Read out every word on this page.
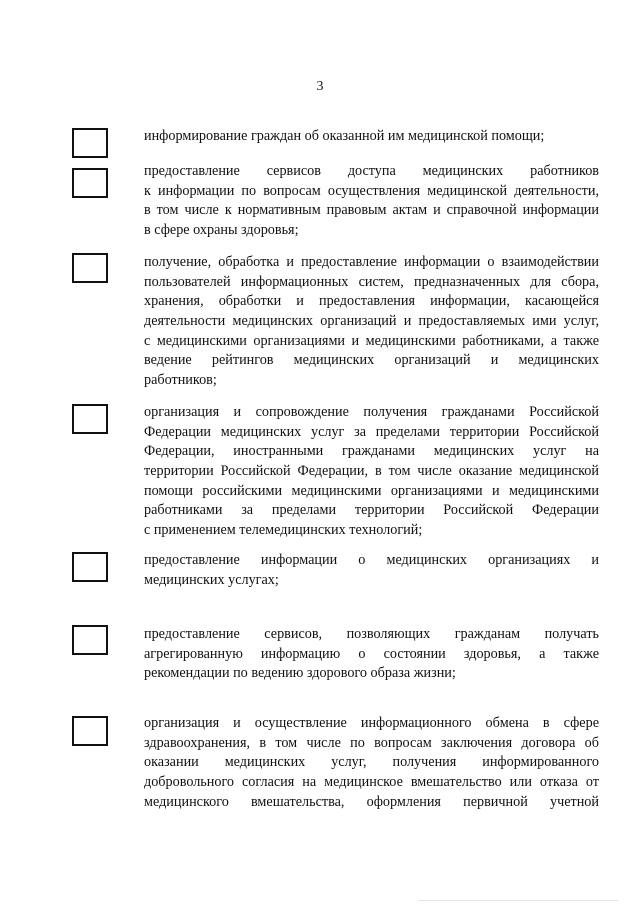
3
информирование граждан об оказанной им медицинской помощи;
предоставление сервисов доступа медицинских работников
к информации по вопросам осуществления медицинской деятельности,
в том числе к нормативным правовым актам и справочной информации
в сфере охраны здоровья;
получение, обработка и предоставление информации о взаимодействии
пользователей информационных систем, предназначенных для сбора,
хранения, обработки и предоставления информации, касающейся
деятельности медицинских организаций и предоставляемых ими услуг,
с медицинскими организациями и медицинскими работниками, а также
ведение рейтингов медицинских организаций и медицинских
работников;
организация и сопровождение получения гражданами Российской
Федерации медицинских услуг за пределами территории Российской
Федерации, иностранными гражданами медицинских услуг на
территории Российской Федерации, в том числе оказание медицинской
помощи российскими медицинскими организациями и медицинскими
работниками за пределами территории Российской Федерации
с применением телемедицинских технологий;
предоставление информации о медицинских организациях и
медицинских услугах;
предоставление сервисов, позволяющих гражданам получать
агрегированную информацию о состоянии здоровья, а также
рекомендации по ведению здорового образа жизни;
организация и осуществление информационного обмена в сфере
здравоохранения, в том числе по вопросам заключения договора об
оказании медицинских услуг, получения информированного
добровольного согласия на медицинское вмешательство или отказа от
медицинского вмешательства, оформления первичной учетной
